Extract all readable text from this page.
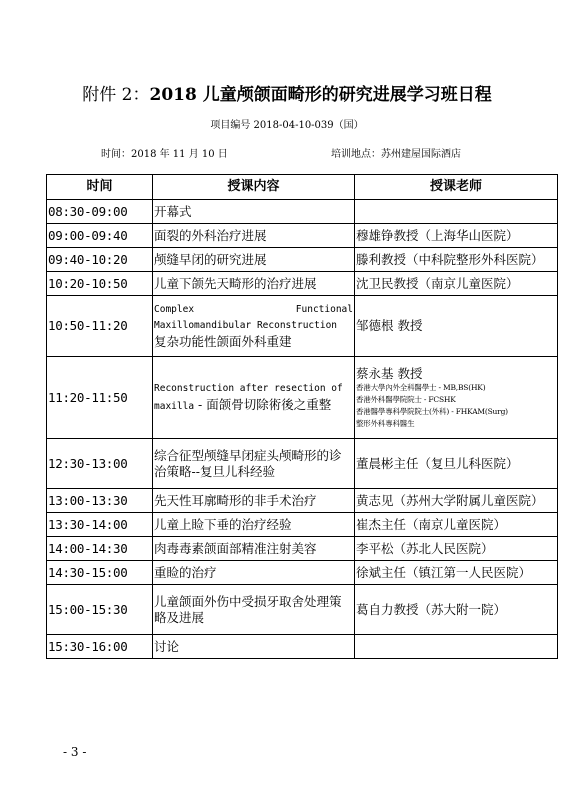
附件 2：2018 儿童颅颌面畸形的研究进展学习班日程
项目编号 2018-04-10-039（国）
时间：2018 年 11 月 10 日	培训地点：苏州建屋国际酒店
时间	授课内容	授课老师
08:30-09:00	开幕式	
09:00-09:40	面裂的外科治疗进展	穆雄铮教授（上海华山医院）
09:40-10:20	颅缝早闭的研究进展	滕利教授（中科院整形外科医院）
10:20-10:50	儿童下颌先天畸形的治疗进展	沈卫民教授（南京儿童医院）
10:50-11:20	Complex Functional
Maxillomandibular Reconstruction
复杂功能性颌面外科重建	邹德根 教授
11:20-11:50	Reconstruction after resection of
maxilla - 面颌骨切除術後之重整	蔡永基 教授
香港大學內外全科醫學士 - MB,BS(HK)
香港外科醫學院院士 - FCSHK
香港醫學專科學院院士(外科) - FHKAM(Surg)
整形外科專科醫生

12:30-13:00	综合征型颅缝早闭症头颅畸形的诊治策略--复旦儿科经验	董晨彬主任（复旦儿科医院）
13:00-13:30	先天性耳廓畸形的非手术治疗	黄志见（苏州大学附属儿童医院）
13:30-14:00	儿童上睑下垂的治疗经验	崔杰主任（南京儿童医院）
14:00-14:30	肉毒毒素颌面部精准注射美容	李平松（苏北人民医院）
14:30-15:00	重睑的治疗	徐斌主任（镇江第一人民医院）
15:00-15:30	儿童颌面外伤中受损牙取舍处理策略及进展	葛自力教授（苏大附一院）
15:30-16:00	讨论	
- 3 -
